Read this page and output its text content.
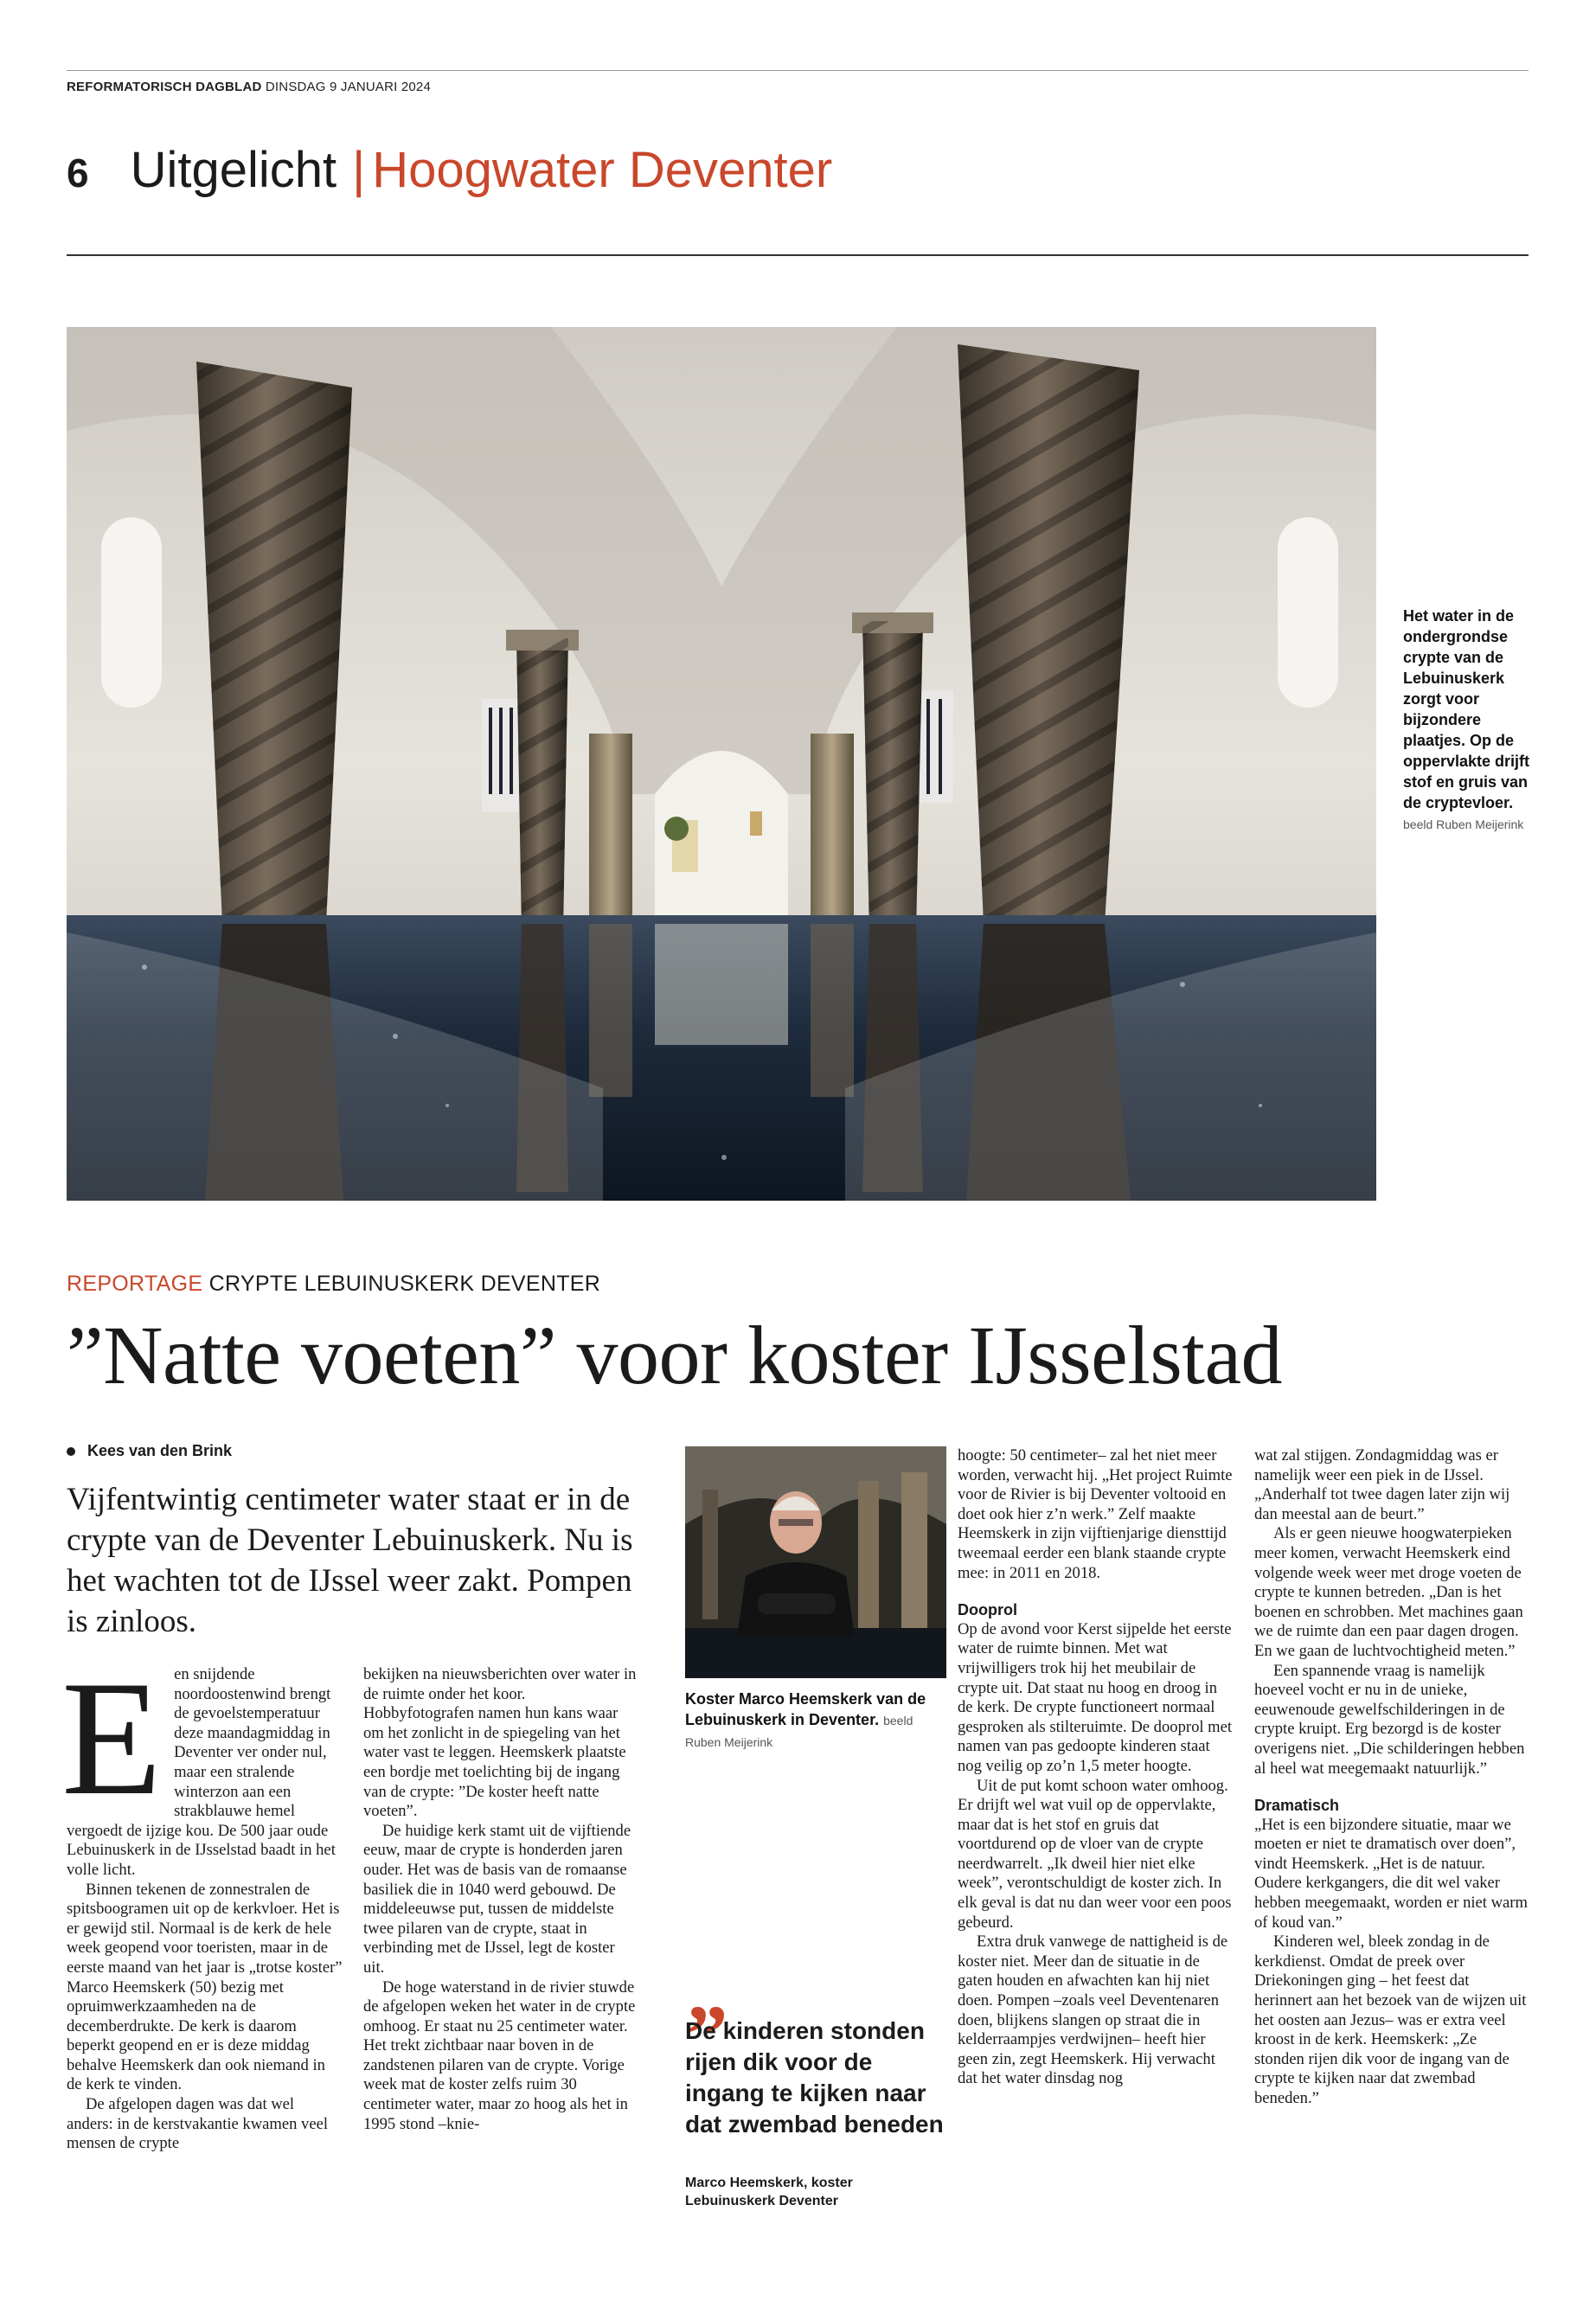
REFORMATORISCH DAGBLAD DINSDAG 9 JANUARI 2024
6 Uitgelicht | Hoogwater Deventer
Het water in de ondergrondse crypte van de Lebuinuskerk zorgt voor bijzondere plaatjes. Op de oppervlakte drijft stof en gruis van de cryptevloer. beeld Ruben Meijerink
REPORTAGE CRYPTE LEBUINUSKERK DEVENTER
”Natte voeten” voor koster IJsselstad
Kees van den Brink
Vijfentwintig centimeter water staat er in de crypte van de Deventer Lebuinuskerk. Nu is het wachten tot de IJssel weer zakt. Pompen is zinloos.
E en snijdende noordoostenwind brengt de gevoelstemperatuur deze maandagmiddag in Deventer ver onder nul, maar een stralende winterzon aan een strakblauwe hemel vergoedt de ijzige kou. De 500 jaar oude Lebuinuskerk in de IJsselstad baadt in het volle licht.

Binnen tekenen de zonnestralen de spitsboogramen uit op de kerkvloer. Het is er gewijd stil. Normaal is de kerk de hele week geopend voor toeristen, maar in de eerste maand van het jaar is „trotse koster” Marco Heemskerk (50) bezig met opruimwerkzaamheden na de decemberdrukte. De kerk is daarom beperkt geopend en er is deze middag behalve Heemskerk dan ook niemand in de kerk te vinden.

De afgelopen dagen was dat wel anders: in de kerstvakantie kwamen veel mensen de crypte

bekijken na nieuwsberichten over water in de ruimte onder het koor. Hobbyfotografen namen hun kans waar om het zonlicht in de spiegeling van het water vast te leggen. Heemskerk plaatste een bordje met toelichting bij de ingang van de crypte: ”De koster heeft natte voeten”.

De huidige kerk stamt uit de vijftiende eeuw, maar de crypte is honderden jaren ouder. Het was de basis van de romaanse basiliek die in 1040 werd gebouwd. De middeleeuwse put, tussen de middelste twee pilaren van de crypte, staat in verbinding met de IJssel, legt de koster uit.

De hoge waterstand in de rivier stuwde de afgelopen weken het water in de crypte omhoog. Er staat nu 25 centimeter water. Het trekt zichtbaar naar boven in de zandstenen pilaren van de crypte. Vorige week mat de koster zelfs ruim 30 centimeter water, maar zo hoog als het in 1995 stond –knie-

Koster Marco Heemskerk van de Lebuinuskerk in Deventer. beeld Ruben Meijerink
„
De kinderen stonden rijen dik voor de ingang te kijken naar dat zwembad beneden
Marco Heemskerk, koster Lebuinuskerk Deventer

hoogte: 50 centimeter– zal het niet meer worden, verwacht hij. „Het project Ruimte voor de Rivier is bij Deventer voltooid en doet ook hier z’n werk.” Zelf maakte Heemskerk in zijn vijftienjarige diensttijd tweemaal eerder een blank staande crypte mee: in 2011 en 2018.

Dooprol

Op de avond voor Kerst sijpelde het eerste water de ruimte binnen. Met wat vrijwilligers trok hij het meubilair de crypte uit. Dat staat nu hoog en droog in de kerk. De crypte functioneert normaal gesproken als stilteruimte. De dooprol met namen van pas gedoopte kinderen staat nog veilig op zo’n 1,5 meter hoogte.

Uit de put komt schoon water omhoog. Er drijft wel wat vuil op de oppervlakte, maar dat is het stof en gruis dat voortdurend op de vloer van de crypte neerdwarrelt. „Ik dweil hier niet elke week”, verontschuldigt de koster zich. In elk geval is dat nu dan weer voor een poos gebeurd.

Extra druk vanwege de nattigheid is de koster niet. Meer dan de situatie in de gaten houden en afwachten kan hij niet doen. Pompen –zoals veel Deventenaren doen, blijkens slangen op straat die in kelderraampjes verdwijnen– heeft hier geen zin, zegt Heemskerk. Hij verwacht dat het water dinsdag nog

wat zal stijgen. Zondagmiddag was er namelijk weer een piek in de IJssel. „Anderhalf tot twee dagen later zijn wij dan meestal aan de beurt.”

Als er geen nieuwe hoogwaterpieken meer komen, verwacht Heemskerk eind volgende week weer met droge voeten de crypte te kunnen betreden. „Dan is het boenen en schrobben. Met machines gaan we de ruimte dan een paar dagen drogen. En we gaan de luchtvochtigheid meten.”

Een spannende vraag is namelijk hoeveel vocht er nu in de unieke, eeuwenoude gewelfschilderingen in de crypte kruipt. Erg bezorgd is de koster overigens niet. „Die schilderingen hebben al heel wat meegemaakt natuurlijk.”

Dramatisch

„Het is een bijzondere situatie, maar we moeten er niet te dramatisch over doen”, vindt Heemskerk. „Het is de natuur. Oudere kerkgangers, die dit wel vaker hebben meegemaakt, worden er niet warm of koud van.”

Kinderen wel, bleek zondag in de kerkdienst. Omdat de preek over Driekoningen ging – het feest dat herinnert aan het bezoek van de wijzen uit het oosten aan Jezus– was er extra veel kroost in de kerk. Heemskerk: „Ze stonden rijen dik voor de ingang van de crypte te kijken naar dat zwembad beneden.”
